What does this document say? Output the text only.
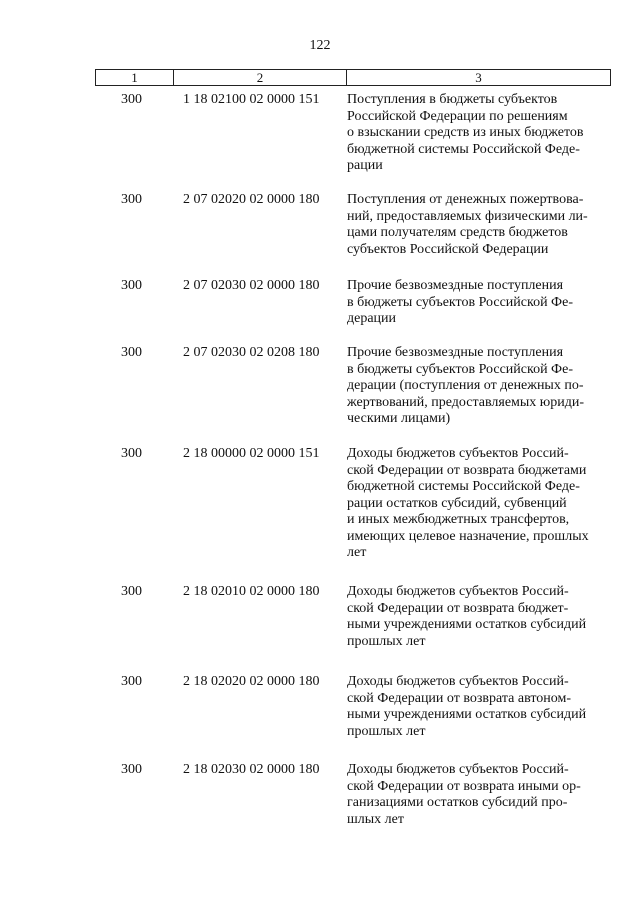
122
1	2	3
300	1 18 02100 02 0000 151 Поступления в бюджеты субъектов
Российской Федерации по решениям
о взыскании средств из иных бюджетов
бюджетной системы Российской Феде-
рации
300	2 07 02020 02 0000 180 Поступления от денежных пожертвова-
ний, предоставляемых физическими ли-
цами получателям средств бюджетов
субъектов Российской Федерации
300	2 07 02030 02 0000 180 Прочие безвозмездные поступления
в бюджеты субъектов Российской Фе-
дерации
300	2 07 02030 02 0208 180 Прочие безвозмездные поступления
в бюджеты субъектов Российской Фе-
дерации (поступления от денежных по-
жертвований, предоставляемых юриди-
ческими лицами)
300	2 18 00000 02 0000 151 Доходы бюджетов субъектов Россий-
ской Федерации от возврата бюджетами
бюджетной системы Российской Феде-
рации остатков субсидий, субвенций
и иных межбюджетных трансфертов,
имеющих целевое назначение, прошлых
лет
300	2 18 02010 02 0000 180 Доходы бюджетов субъектов Россий-
ской Федерации от возврата бюджет-
ными учреждениями остатков субсидий
прошлых лет
300	2 18 02020 02 0000 180 Доходы бюджетов субъектов Россий-
ской Федерации от возврата автоном-
ными учреждениями остатков субсидий
прошлых лет
300	2 18 02030 02 0000 180 Доходы бюджетов субъектов Россий-
ской Федерации от возврата иными ор-
ганизациями остатков субсидий про-
шлых лет
